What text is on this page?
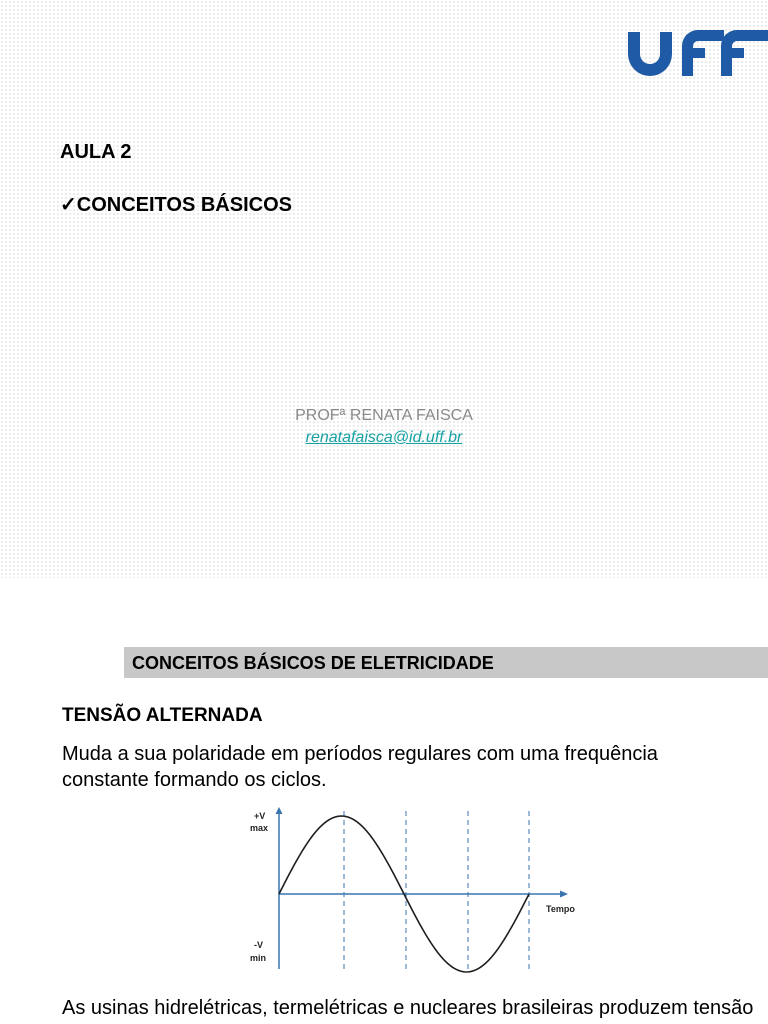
AULA 2
✓CONCEITOS BÁSICOS
PROFª RENATA FAISCA
renatafaisca@id.uff.br
CONCEITOS BÁSICOS DE ELETRICIDADE
TENSÃO ALTERNADA
Muda a sua polaridade em períodos regulares com uma frequência constante formando os ciclos.
+V
max
-V
min
Tempo
As usinas hidrelétricas, termelétricas e nucleares brasileiras produzem tensão
